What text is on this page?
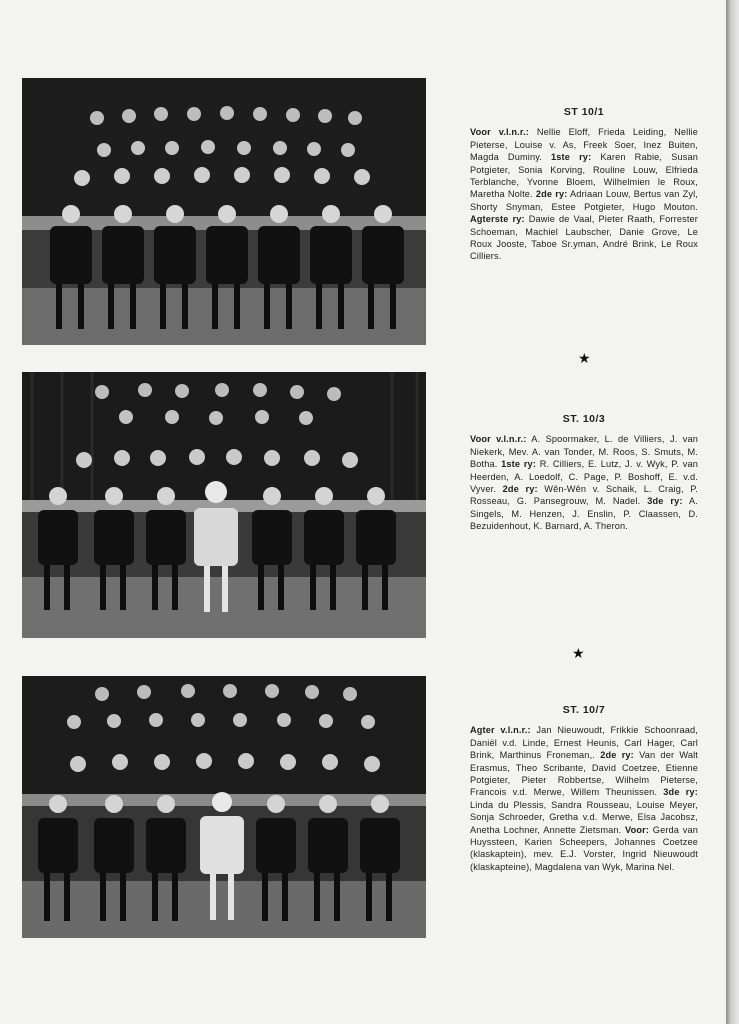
ST 10/1

Voor v.l.n.r.: Nellie Eloff, Frieda Leiding, Nellie Pieterse, Louise v. As, Freek Soer, Inez Buiten, Magda Duminy. 1ste ry: Karen Rabie, Susan Potgieter, Sonia Korving, Rouline Louw, Elfrieda Terblanche, Yvonne Bloem, Wilhelmien le Roux, Maretha Nolte. 2de ry: Adriaan Louw, Bertus van Zyl, Shorty Snyman, Estee Potgieter, Hugo Mouton. Agterste ry: Dawie de Vaal, Pieter Raath, Forrester Schoeman, Machiel Laubscher, Danie Grove, Le Roux Jooste, Taboe Sr.yman, André Brink, Le Roux Cilliers.

★
ST. 10/3

Voor v.l.n.r.: A. Spoormaker, L. de Villiers, J. van Niekerk, Mev. A. van Tonder, M. Roos, S. Smuts, M. Botha. 1ste ry: R. Cilliers, E. Lutz, J. v. Wyk, P. van Heerden, A. Loedolf, C. Page, P. Boshoff, E. v.d. Vyver. 2de ry: Wên-Wên v. Schaik, L. Craig, P. Rosseau, G. Pansegrouw, M. Nadel. 3de ry: A. Singels, M. Henzen, J. Enslin, P. Claassen, D. Bezuidenhout, K. Barnard, A. Theron.

★
ST. 10/7

Agter v.l.n.r.: Jan Nieuwoudt, Frikkie Schoonraad, Daniël v.d. Linde, Ernest Heunis, Carl Hager, Carl Brink, Marthinus Froneman,. 2de ry: Van der Walt Erasmus, Theo Scribante, David Coetzee, Etienne Potgieter, Pieter Robbertse, Wilhelm Pieterse, Francois v.d. Merwe, Willem Theunissen. 3de ry: Linda du Plessis, Sandra Rousseau, Louise Meyer, Sonja Schroeder, Gretha v.d. Merwe, Elsa Jacobsz, Anetha Lochner, Annette Zietsman. Voor: Gerda van Huyssteen, Karien Scheepers, Johannes Coetzee (klaskaptein), mev. E.J. Vorster, Ingrid Nieuwoudt (klaskapteine), Magdalena van Wyk, Marina Nel.
